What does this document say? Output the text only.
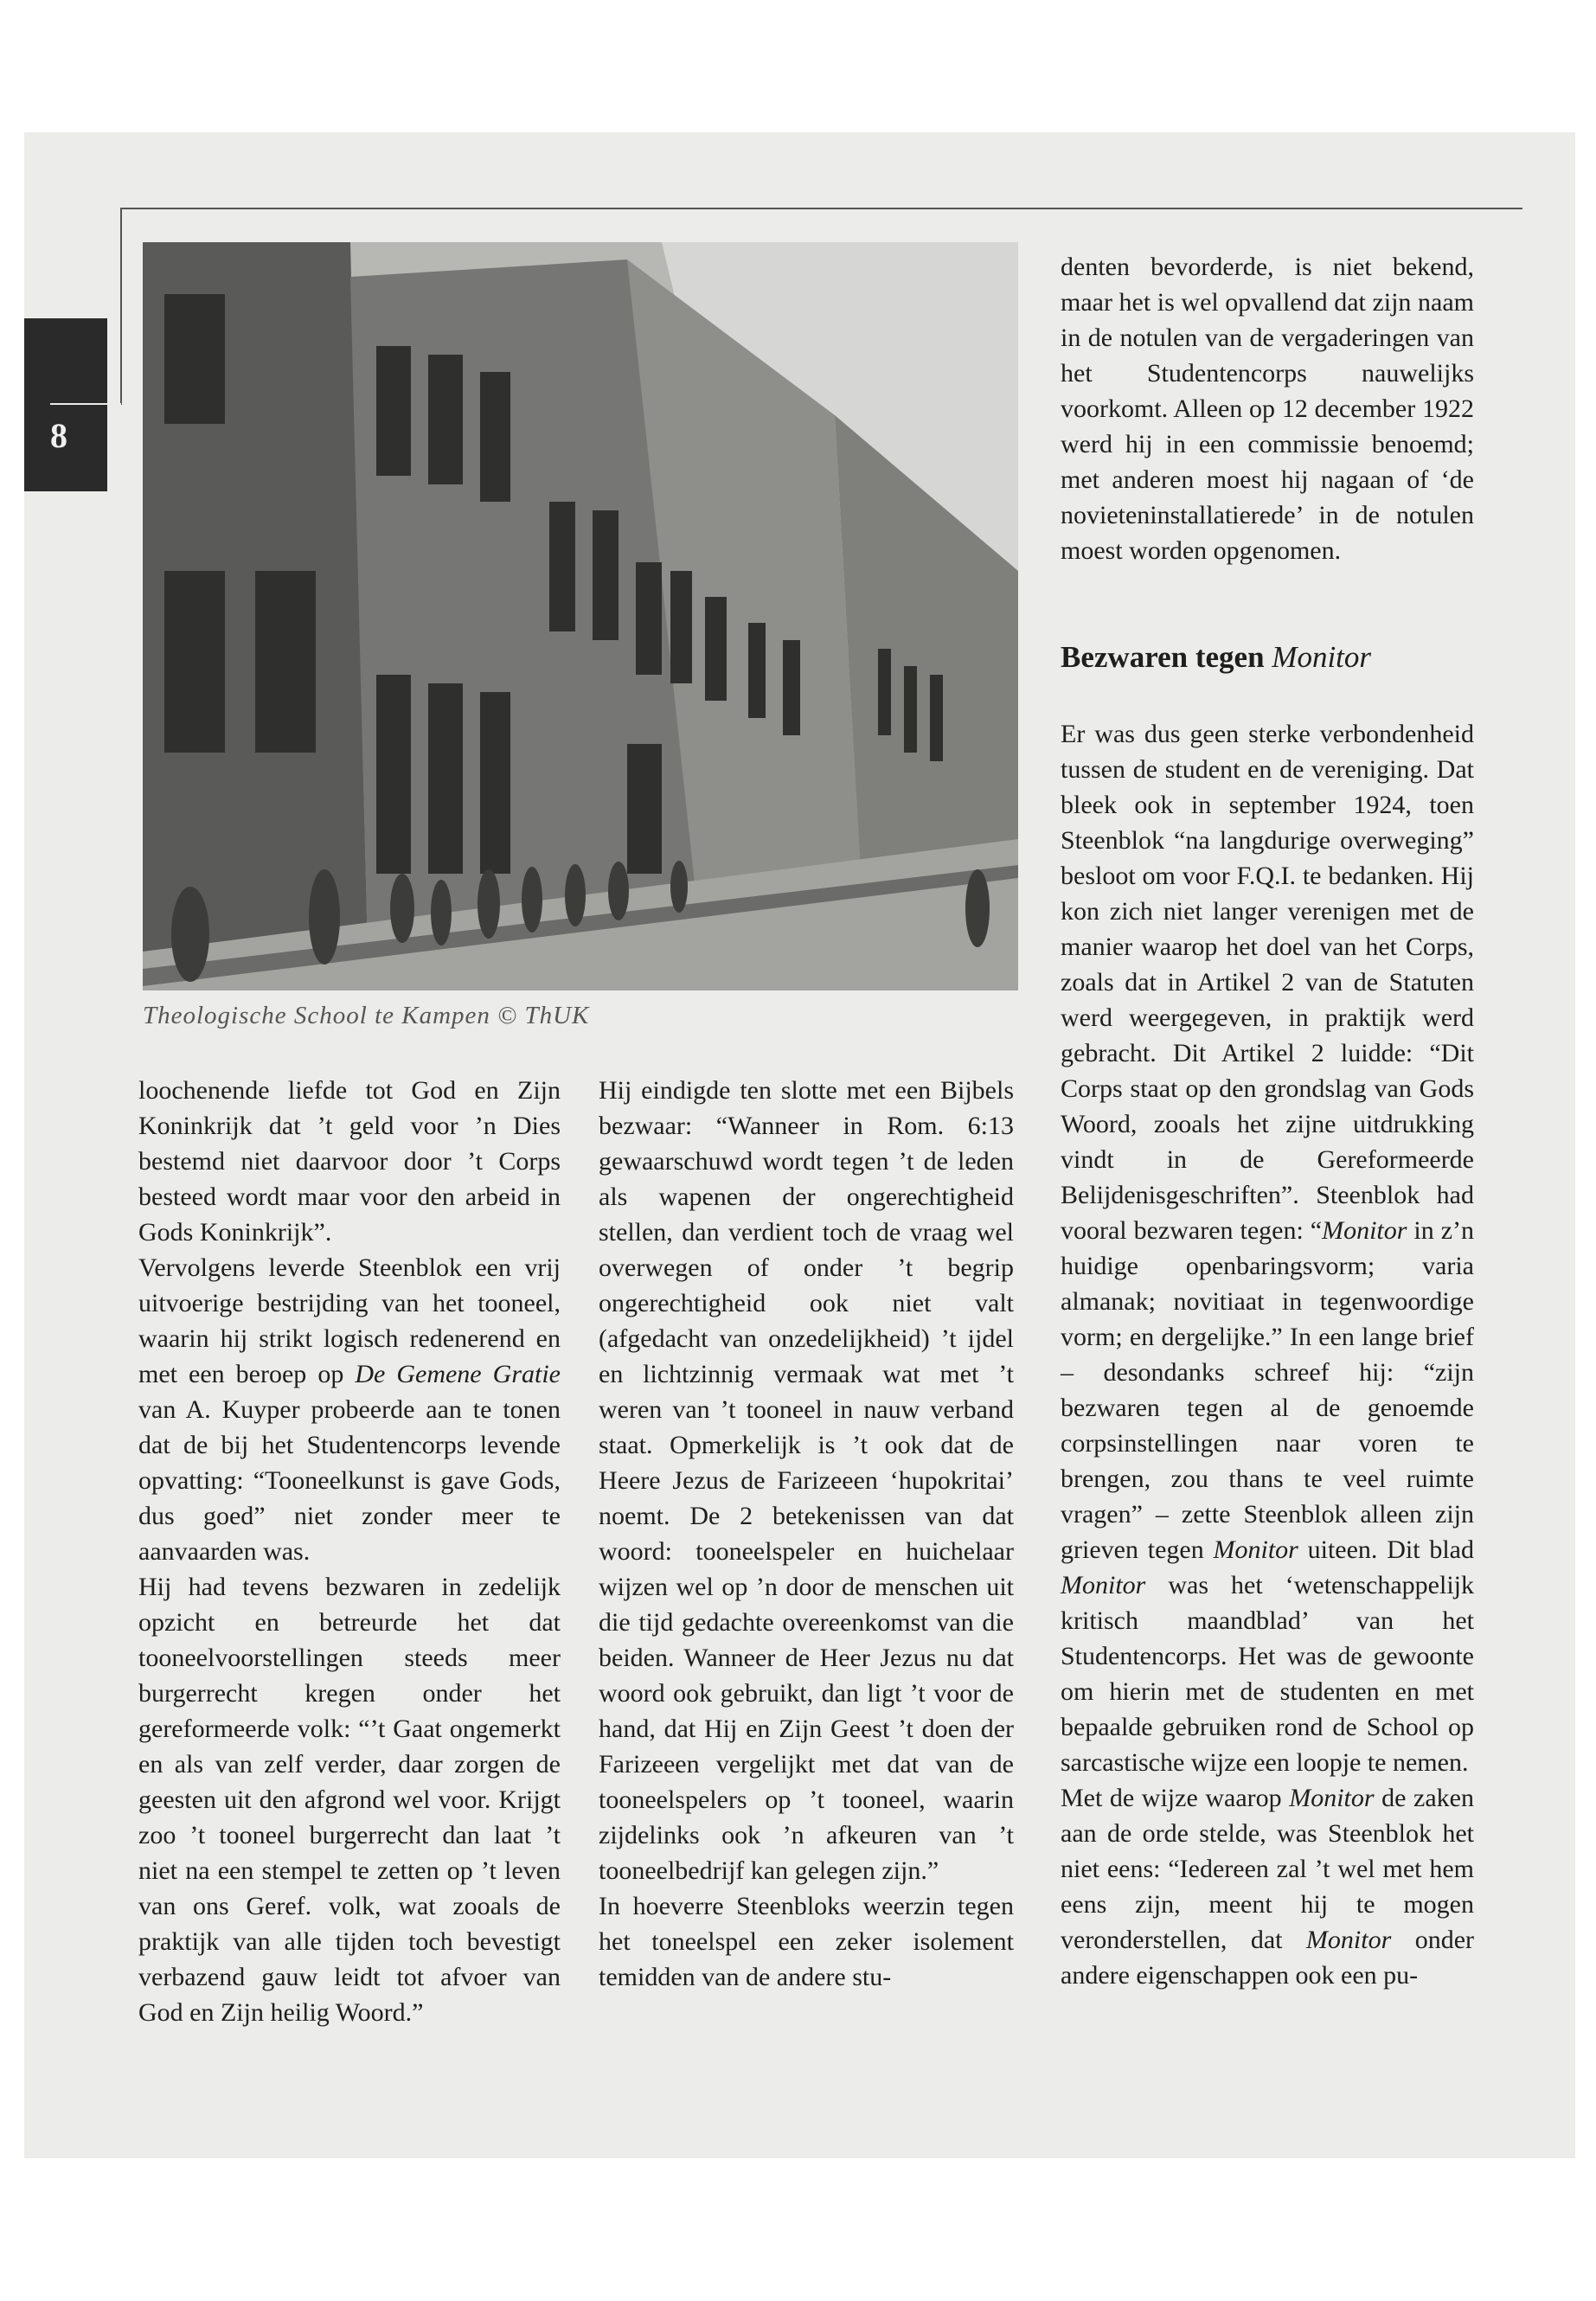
8
Theologische School te Kampen © ThUK

loochenende liefde tot God en Zijn Koninkrijk dat ’t geld voor ’n Dies bestemd niet daarvoor door ’t Corps besteed wordt maar voor den arbeid in Gods Koninkrijk”.

Vervolgens leverde Steenblok een vrij uitvoerige bestrijding van het tooneel, waarin hij strikt logisch redenerend en met een beroep op De Gemene Gratie van A. Kuyper probeerde aan te tonen dat de bij het Studentencorps levende opvatting: “Tooneelkunst is gave Gods, dus goed” niet zonder meer te aanvaarden was.

Hij had tevens bezwaren in zedelijk opzicht en betreurde het dat tooneelvoorstellingen steeds meer burgerrecht kregen onder het gereformeerde volk: “’t Gaat ongemerkt en als van zelf verder, daar zorgen de geesten uit den afgrond wel voor. Krijgt zoo ’t tooneel burgerrecht dan laat ’t niet na een stempel te zetten op ’t leven van ons Geref. volk, wat zooals de praktijk van alle tijden toch bevestigt verbazend gauw leidt tot afvoer van God en Zijn heilig Woord.”

Hij eindigde ten slotte met een Bijbels bezwaar: “Wanneer in Rom. 6:13 gewaarschuwd wordt tegen ’t de leden als wapenen der ongerechtigheid stellen, dan verdient toch de vraag wel overwegen of onder ’t begrip ongerechtigheid ook niet valt (afgedacht van onzedelijkheid) ’t ijdel en lichtzinnig vermaak wat met ’t weren van ’t tooneel in nauw verband staat. Opmerkelijk is ’t ook dat de Heere Jezus de Farizeeen ‘hupokritai’ noemt. De 2 betekenissen van dat woord: tooneelspeler en huichelaar wijzen wel op ’n door de menschen uit die tijd gedachte overeenkomst van die beiden. Wanneer de Heer Jezus nu dat woord ook gebruikt, dan ligt ’t voor de hand, dat Hij en Zijn Geest ’t doen der Farizeeen vergelijkt met dat van de tooneelspelers op ’t tooneel, waarin zijdelinks ook ’n afkeuren van ’t tooneelbedrijf kan gelegen zijn.”

In hoeverre Steenbloks weerzin tegen het toneelspel een zeker isolement temidden van de andere stu-

denten bevorderde, is niet bekend, maar het is wel opvallend dat zijn naam in de notulen van de vergaderingen van het Studentencorps nauwelijks voorkomt. Alleen op 12 december 1922 werd hij in een commissie benoemd; met anderen moest hij nagaan of ‘de novieteninstallatierede’ in de notulen moest worden opgenomen.

Bezwaren tegen Monitor

Er was dus geen sterke verbondenheid tussen de student en de vereniging. Dat bleek ook in september 1924, toen Steenblok “na langdurige overweging” besloot om voor F.Q.I. te bedanken. Hij kon zich niet langer verenigen met de manier waarop het doel van het Corps, zoals dat in Artikel 2 van de Statuten werd weergegeven, in praktijk werd gebracht. Dit Artikel 2 luidde: “Dit Corps staat op den grondslag van Gods Woord, zooals het zijne uitdrukking vindt in de Gereformeerde Belijdenisgeschriften”. Steenblok had vooral bezwaren tegen: “Monitor in z’n huidige openbaringsvorm; varia almanak; novitiaat in tegenwoordige vorm; en dergelijke.” In een lange brief – desondanks schreef hij: “zijn bezwaren tegen al de genoemde corpsinstellingen naar voren te brengen, zou thans te veel ruimte vragen” – zette Steenblok alleen zijn grieven tegen Monitor uiteen. Dit blad Monitor was het ‘wetenschappelijk kritisch maandblad’ van het Studentencorps. Het was de gewoonte om hierin met de studenten en met bepaalde gebruiken rond de School op sarcastische wijze een loopje te nemen.

Met de wijze waarop Monitor de zaken aan de orde stelde, was Steenblok het niet eens: “Iedereen zal ’t wel met hem eens zijn, meent hij te mogen veronderstellen, dat Monitor onder andere eigenschappen ook een pu-
